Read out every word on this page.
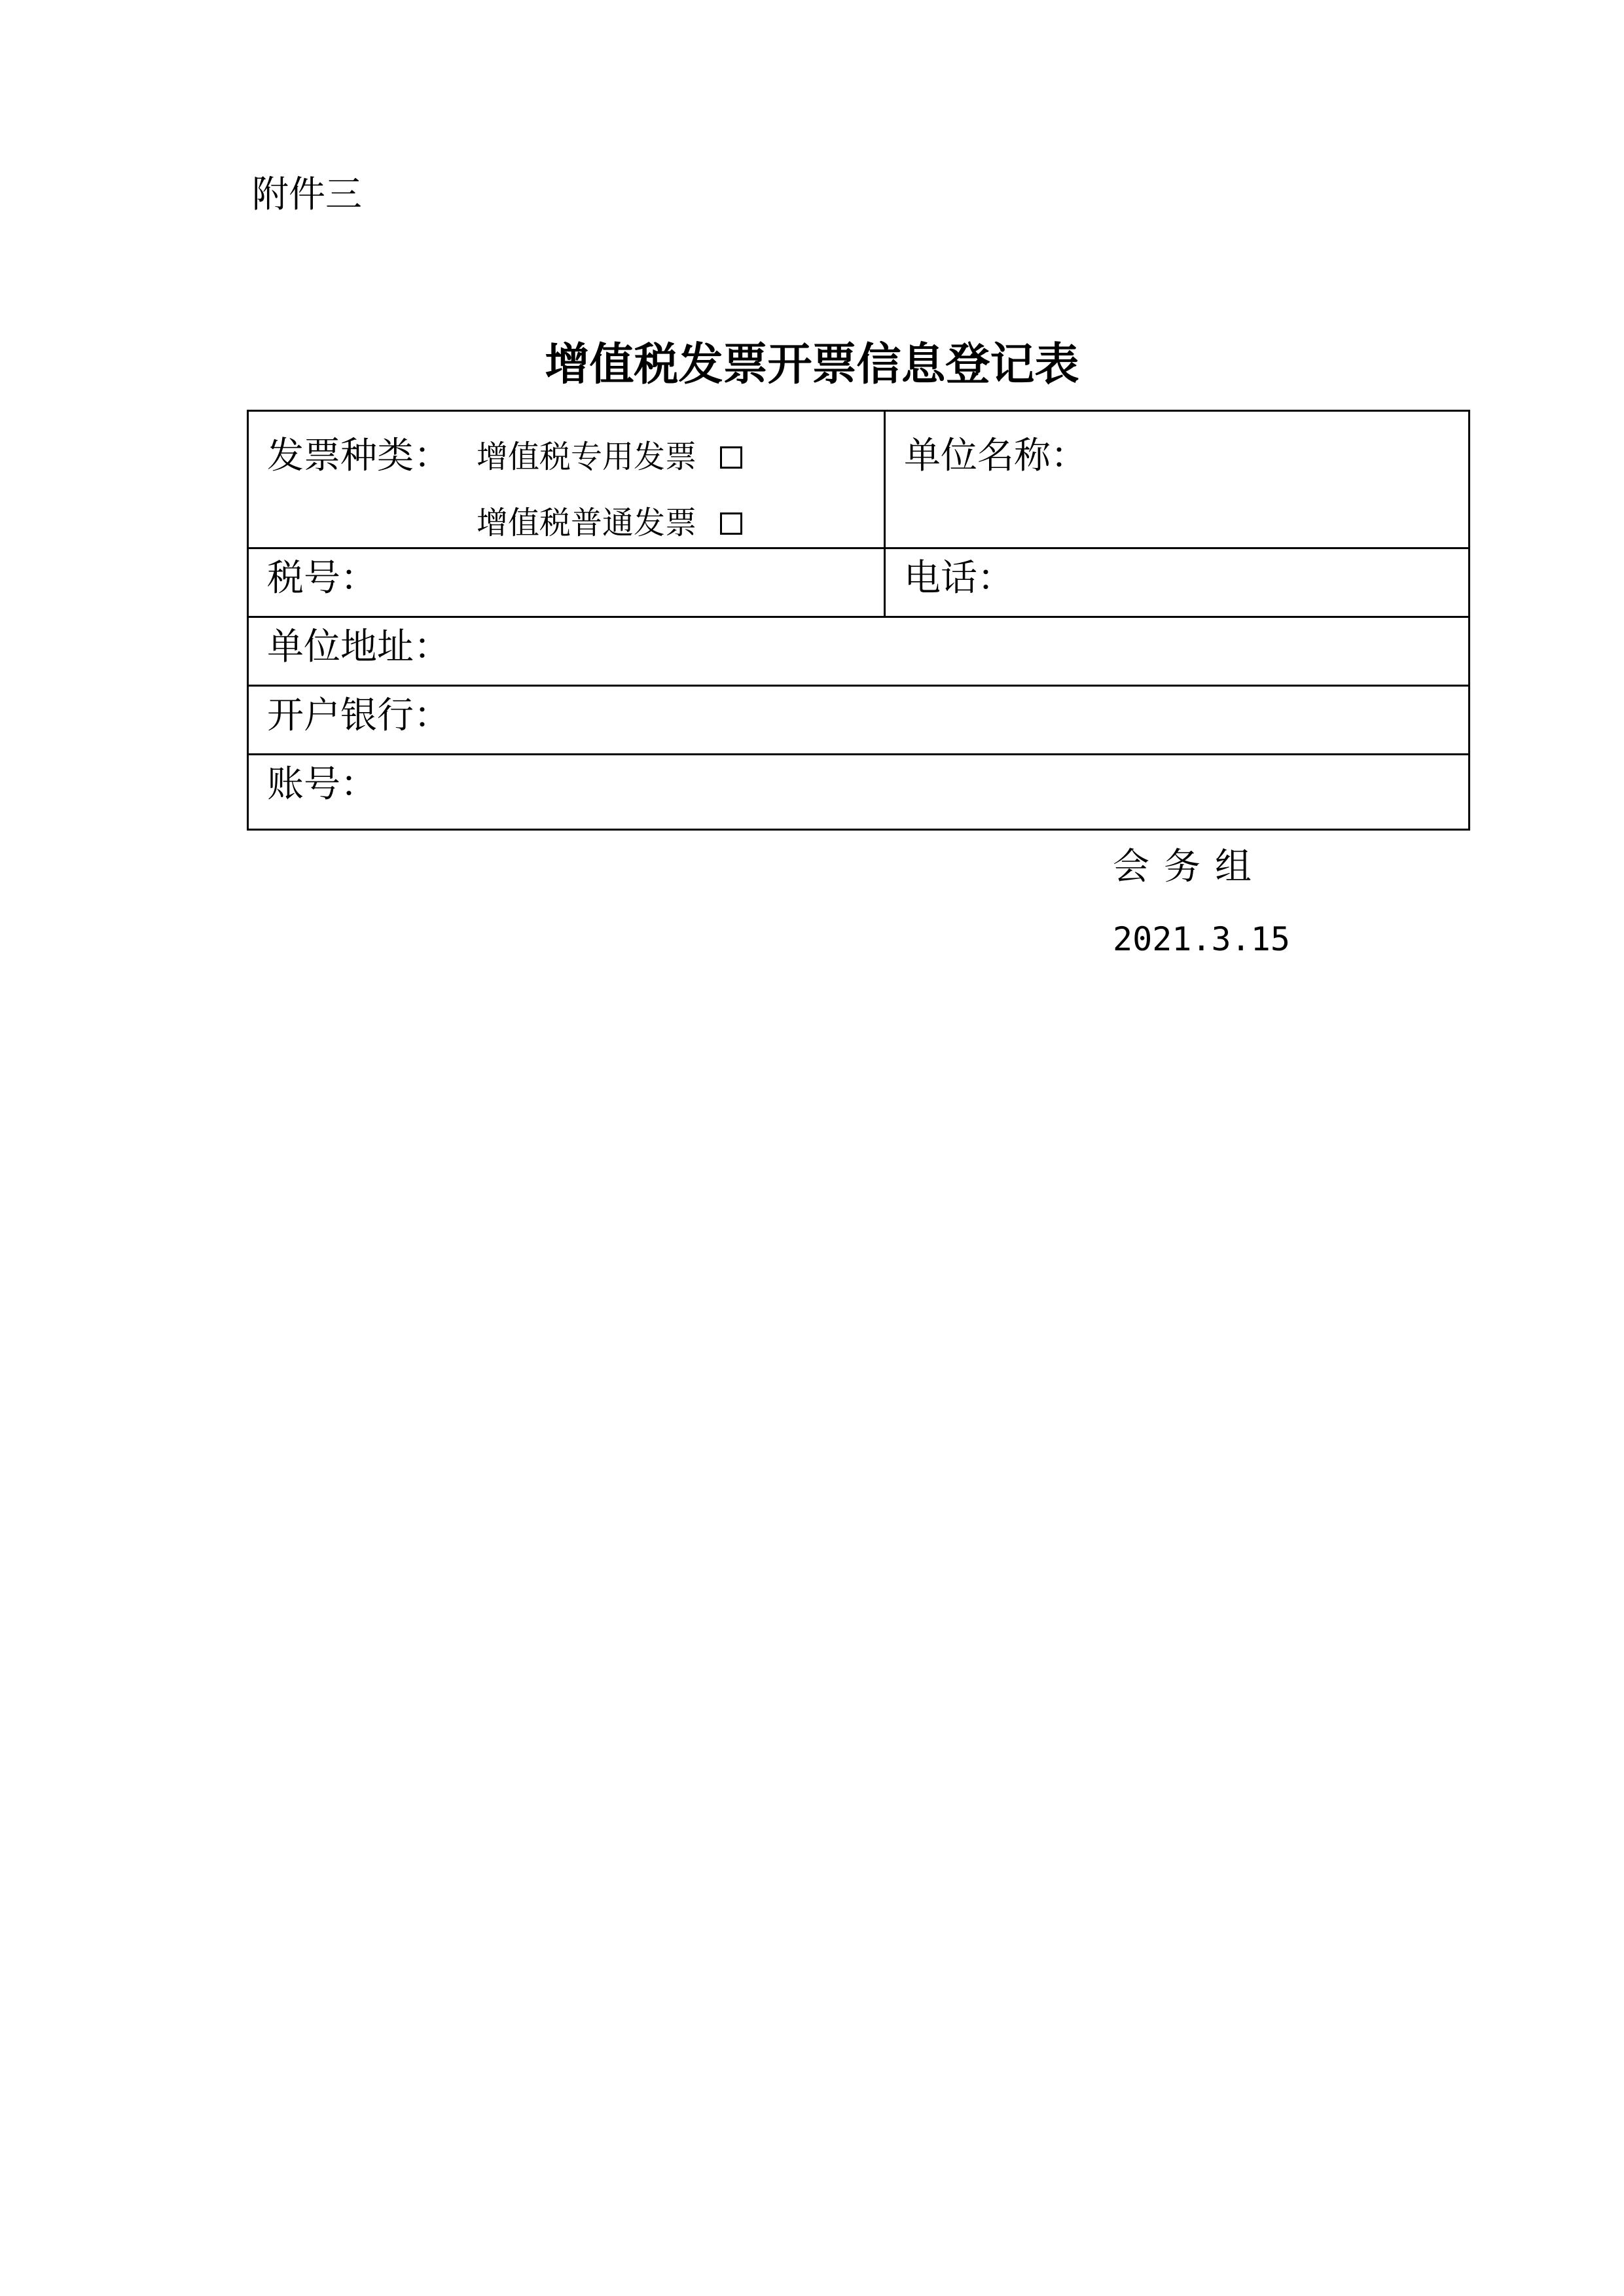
附件三
增值税发票开票信息登记表
发票种类： 增值税专用发票
增值税普通发票	单位名称：

税号：	电话：
单位地址：	
开户银行：	
账号：	
会务组
2021.3.15
